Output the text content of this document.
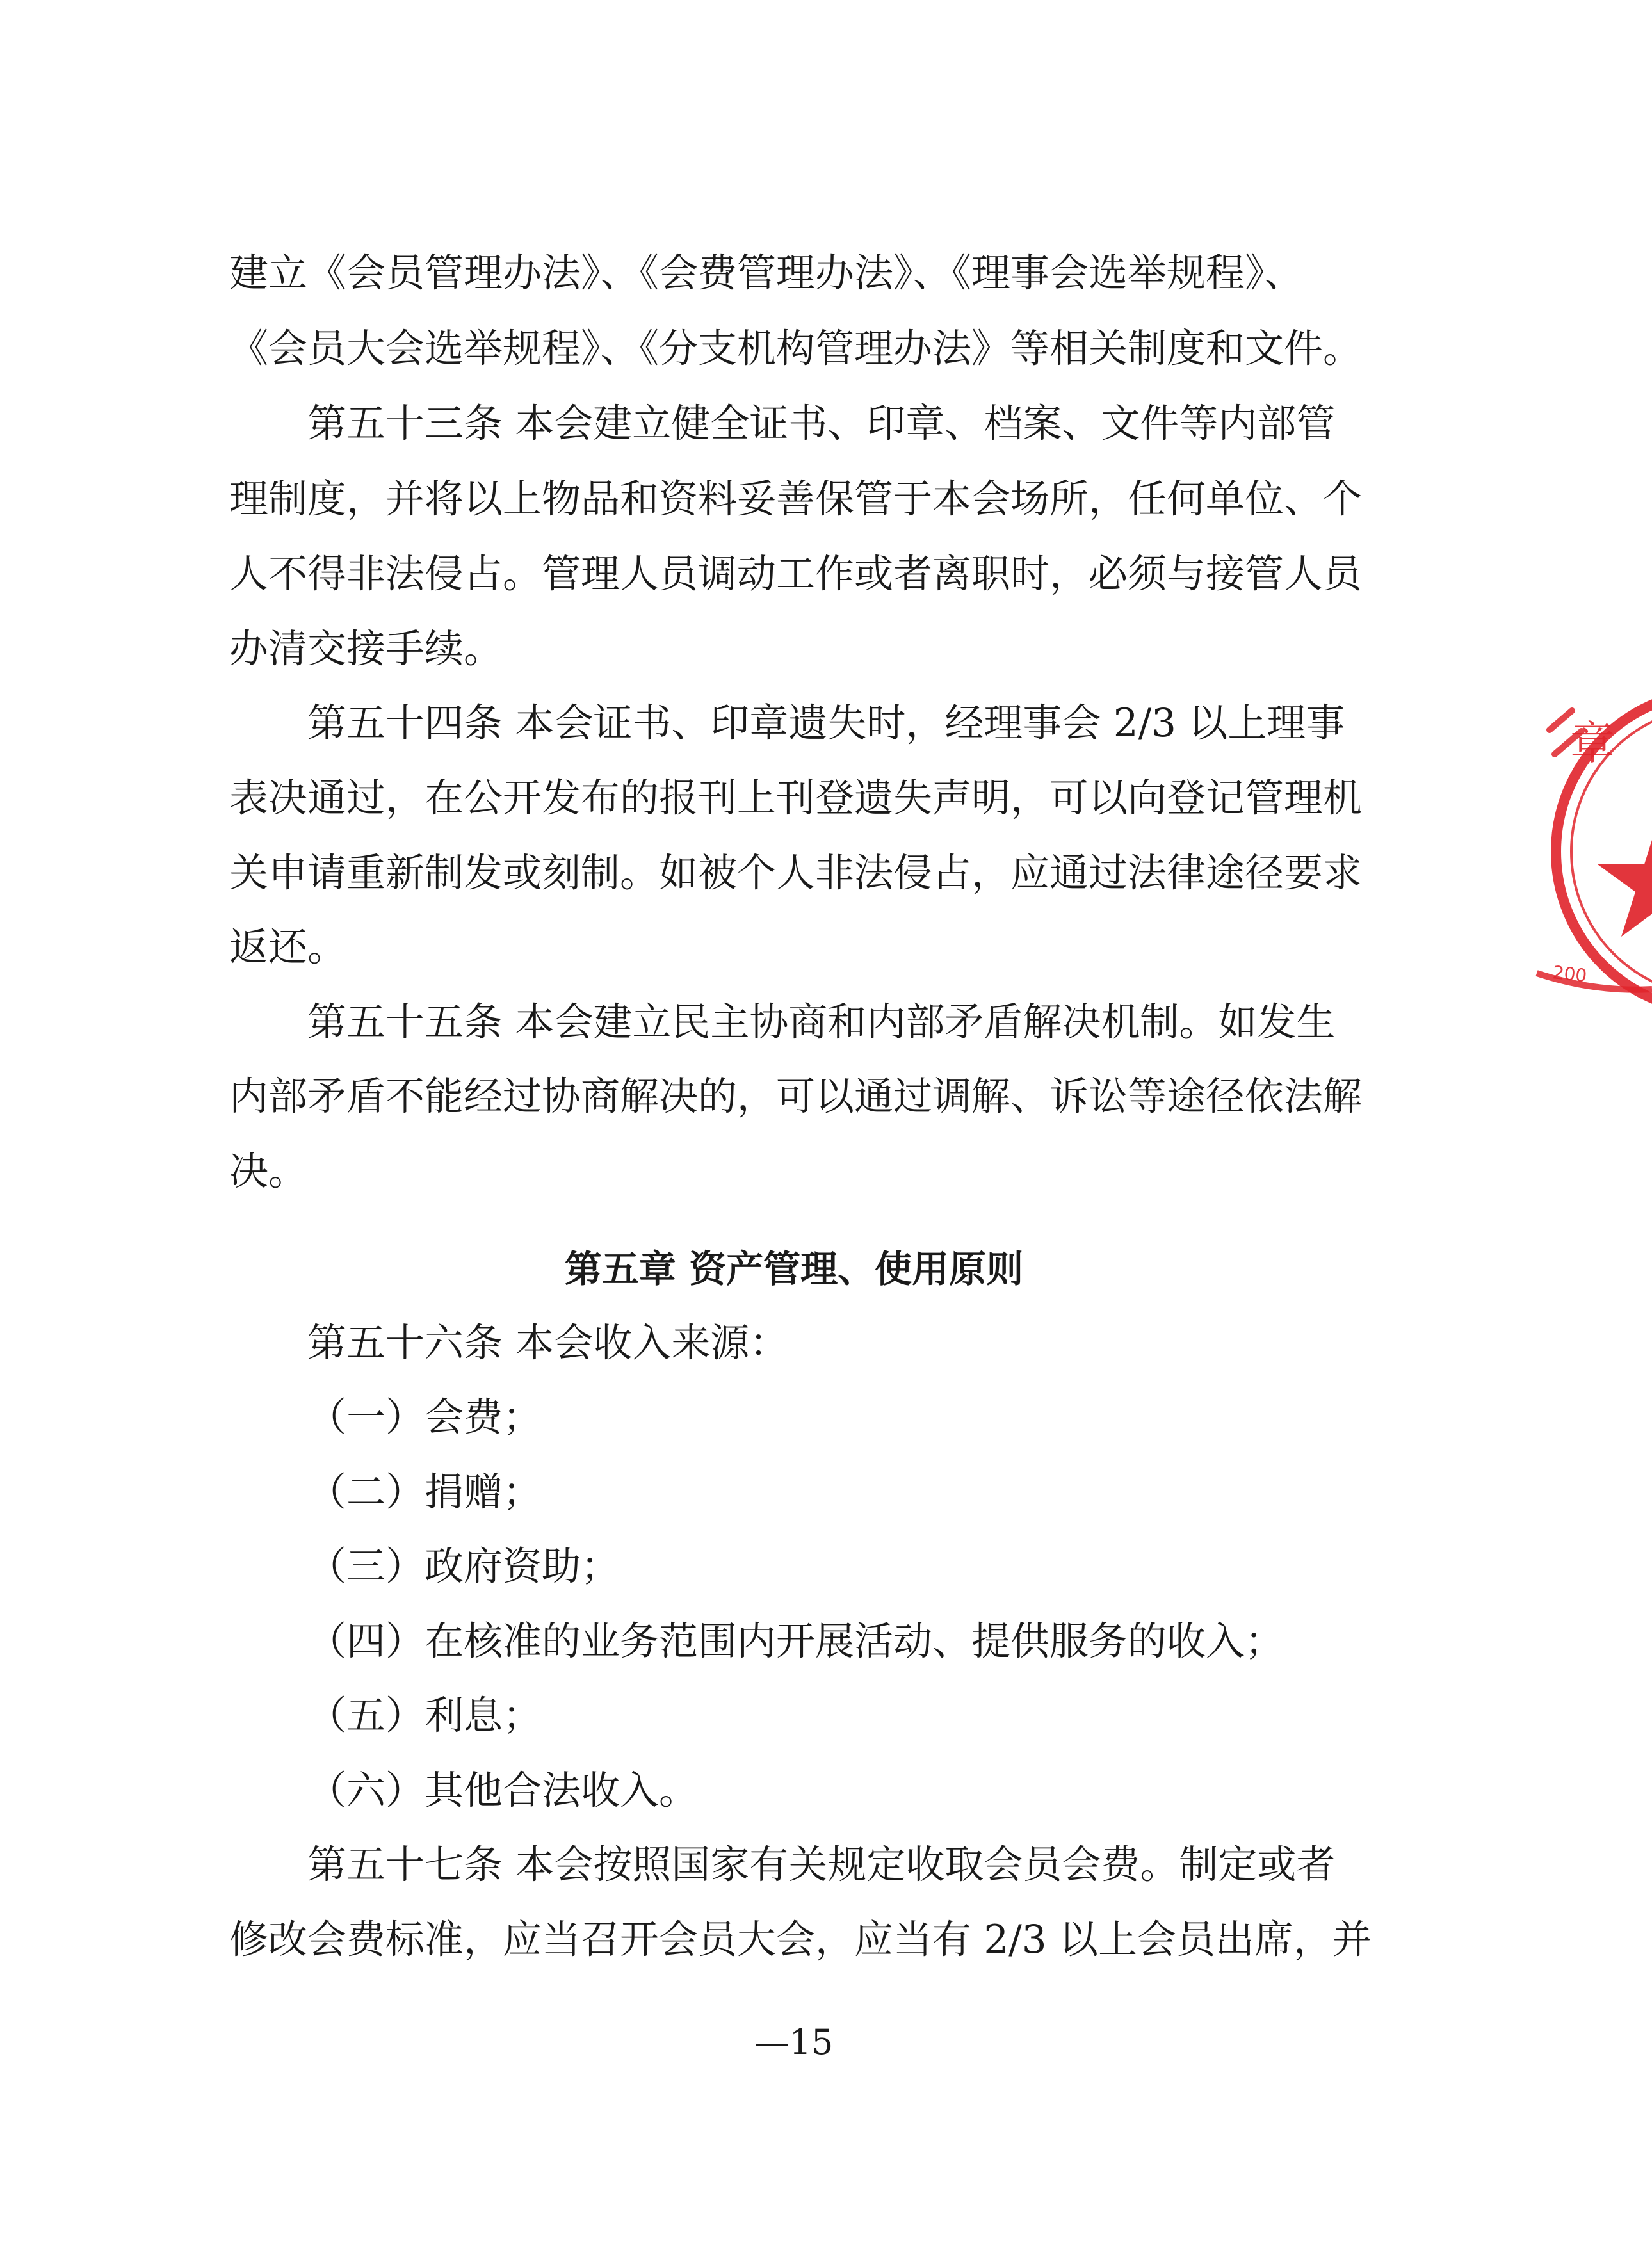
建立《会员管理办法》、《会费管理办法》、《理事会选举规程》、
《会员大会选举规程》、《分支机构管理办法》等相关制度和文件。
第五十三条 本会建立健全证书、印章、档案、文件等内部管
理制度，并将以上物品和资料妥善保管于本会场所，任何单位、个
人不得非法侵占。管理人员调动工作或者离职时，必须与接管人员
办清交接手续。
第五十四条 本会证书、印章遗失时，经理事会 2/3 以上理事
表决通过，在公开发布的报刊上刊登遗失声明，可以向登记管理机
关申请重新制发或刻制。如被个人非法侵占，应通过法律途径要求
返还。
第五十五条 本会建立民主协商和内部矛盾解决机制。如发生
内部矛盾不能经过协商解决的，可以通过调解、诉讼等途径依法解
决。
第五章 资产管理、使用原则
第五十六条 本会收入来源：
（一）会费；
（二）捐赠；
（三）政府资助；
（四）在核准的业务范围内开展活动、提供服务的收入；
（五）利息；
（六）其他合法收入。
第五十七条 本会按照国家有关规定收取会员会费。制定或者
修改会费标准，应当召开会员大会，应当有 2/3 以上会员出席，并
—15
章
200
